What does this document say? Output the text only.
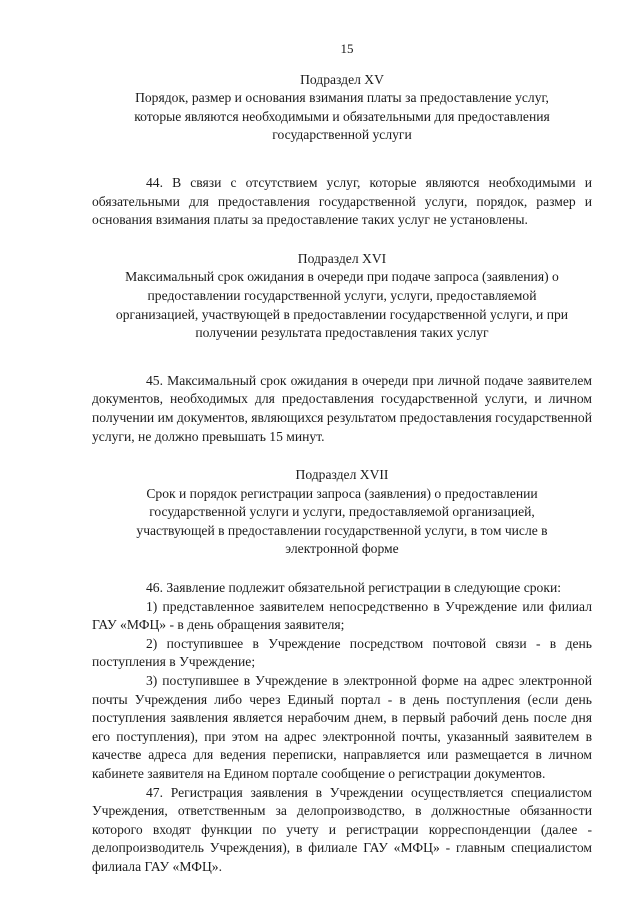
15
Подраздел XV
Порядок, размер и основания взимания платы за предоставление услуг,
которые являются необходимыми и обязательными для предоставления
государственной услуги

44. В связи с отсутствием услуг, которые являются необходимыми и обязательными для предоставления государственной услуги, порядок, размер и основания взимания платы за предоставление таких услуг не установлены.

Подраздел XVI
Максимальный срок ожидания в очереди при подаче запроса (заявления) о
предоставлении государственной услуги, услуги, предоставляемой
организацией, участвующей в предоставлении государственной услуги, и при
получении результата предоставления таких услуг

45. Максимальный срок ожидания в очереди при личной подаче заявителем документов, необходимых для предоставления государственной услуги, и личном получении им документов, являющихся результатом предоставления государственной услуги, не должно превышать 15 минут.

Подраздел XVII
Срок и порядок регистрации запроса (заявления) о предоставлении
государственной услуги и услуги, предоставляемой организацией,
участвующей в предоставлении государственной услуги, в том числе в
электронной форме

46. Заявление подлежит обязательной регистрации в следующие сроки:

1) представленное заявителем непосредственно в Учреждение или филиал ГАУ «МФЦ» - в день обращения заявителя;

2) поступившее в Учреждение посредством почтовой связи - в день поступления в Учреждение;

3) поступившее в Учреждение в электронной форме на адрес электронной почты Учреждения либо через Единый портал - в день поступления (если день поступления заявления является нерабочим днем, в первый рабочий день после дня его поступления), при этом на адрес электронной почты, указанный заявителем в качестве адреса для ведения переписки, направляется или размещается в личном кабинете заявителя на Едином портале сообщение о регистрации документов.

47. Регистрация заявления в Учреждении осуществляется специалистом Учреждения, ответственным за делопроизводство, в должностные обязанности которого входят функции по учету и регистрации корреспонденции (далее - делопроизводитель Учреждения), в филиале ГАУ «МФЦ» - главным специалистом филиала ГАУ «МФЦ».
